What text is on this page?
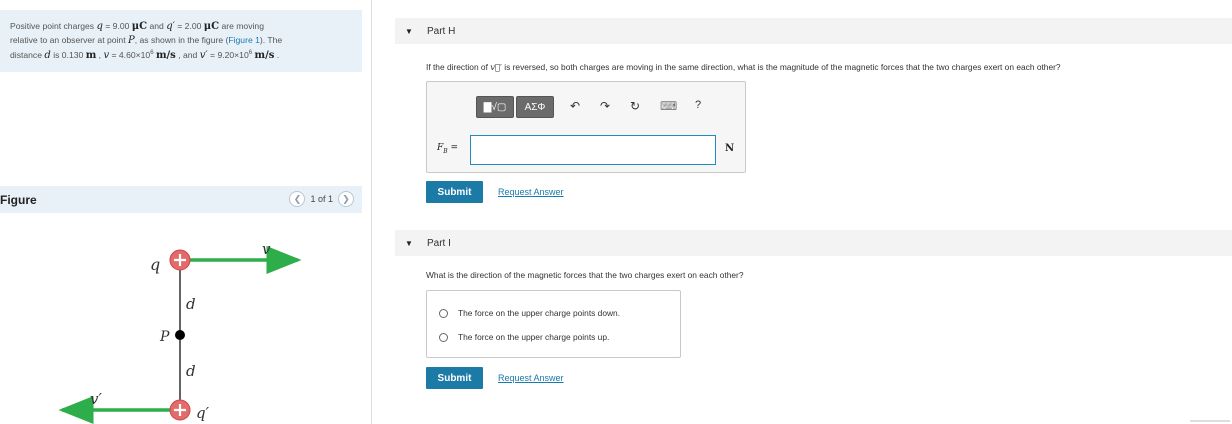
Positive point charges q = 9.00 μC and q′ = 2.00 μC are moving
relative to an observer at point P, as shown in the figure (Figure 1). The
distance d is 0.130 m , $v = 4.60\times 10^6$ m/s , and $v' = 9.20\times 10^6$ m/s .
Figure	❮	1 of 1	❯
q
d
P
d
v
v′
q′
▼ Part H
If the direction of v⃗′ is reversed, so both charges are moving in the same direction, what is the magnitude of the magnetic forces that the two charges exert on each other?
▇√▢ ΑΣΦ ↶ ↷ ↻ ⌨ ?
$F_B$ =	N
Submit	Request Answer
▼ Part I
What is the direction of the magnetic forces that the two charges exert on each other?
The force on the upper charge points down.
The force on the upper charge points up.
Submit	Request Answer
